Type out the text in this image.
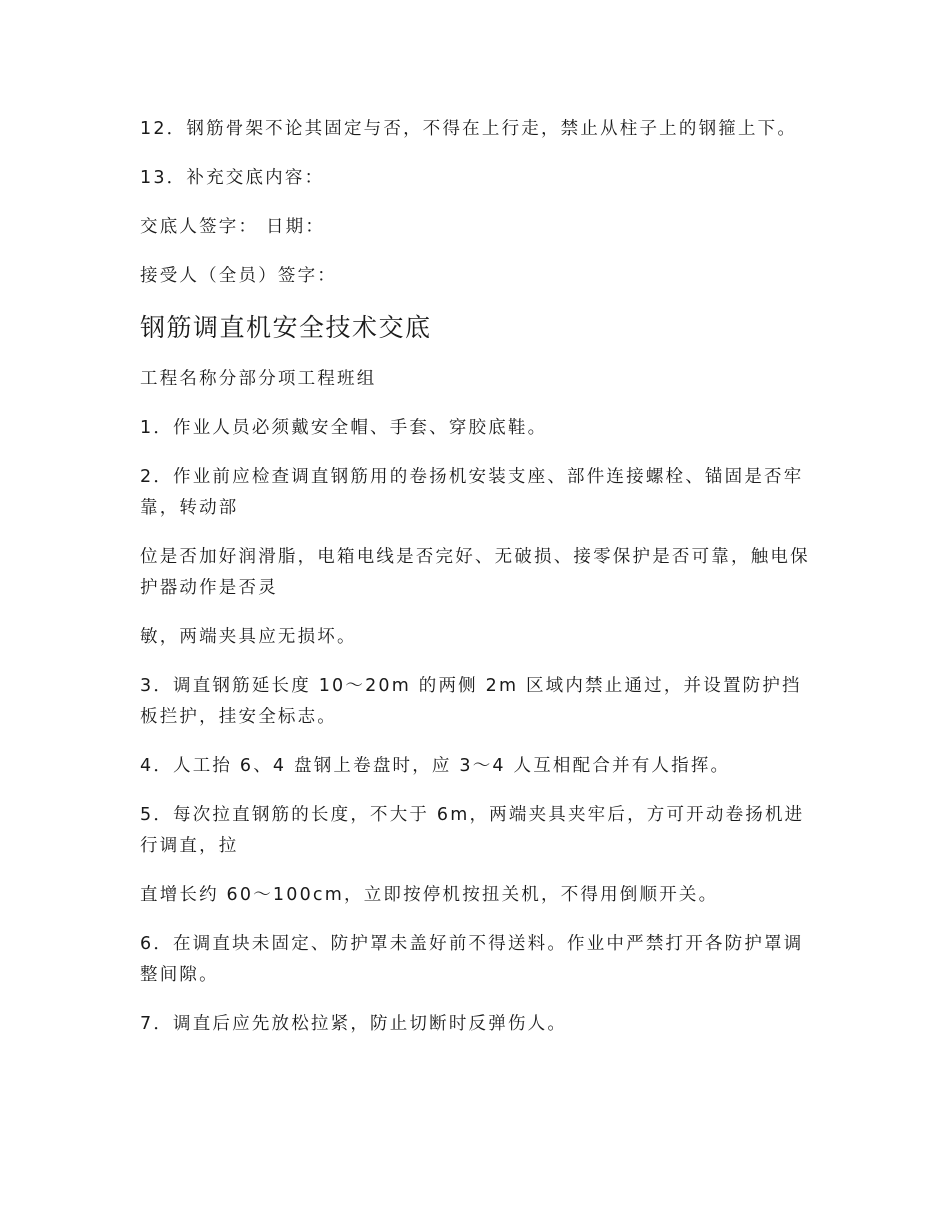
12．钢筋骨架不论其固定与否，不得在上行走，禁止从柱子上的钢箍上下。

13．补充交底内容：

交底人签字： 日期：

接受人（全员）签字：

钢筋调直机安全技术交底

工程名称分部分项工程班组

1．作业人员必须戴安全帽、手套、穿胶底鞋。

2．作业前应检查调直钢筋用的卷扬机安装支座、部件连接螺栓、锚固是否牢靠，转动部

位是否加好润滑脂，电箱电线是否完好、无破损、接零保护是否可靠，触电保护器动作是否灵

敏，两端夹具应无损坏。

3．调直钢筋延长度 10～20m 的两侧 2m 区域内禁止通过，并设置防护挡板拦护，挂安全标志。

4．人工抬 6、4 盘钢上卷盘时，应 3～4 人互相配合并有人指挥。

5．每次拉直钢筋的长度，不大于 6m，两端夹具夹牢后，方可开动卷扬机进行调直，拉

直增长约 60～100cm，立即按停机按扭关机，不得用倒顺开关。

6．在调直块未固定、防护罩未盖好前不得送料。作业中严禁打开各防护罩调整间隙。

7．调直后应先放松拉紧，防止切断时反弹伤人。
